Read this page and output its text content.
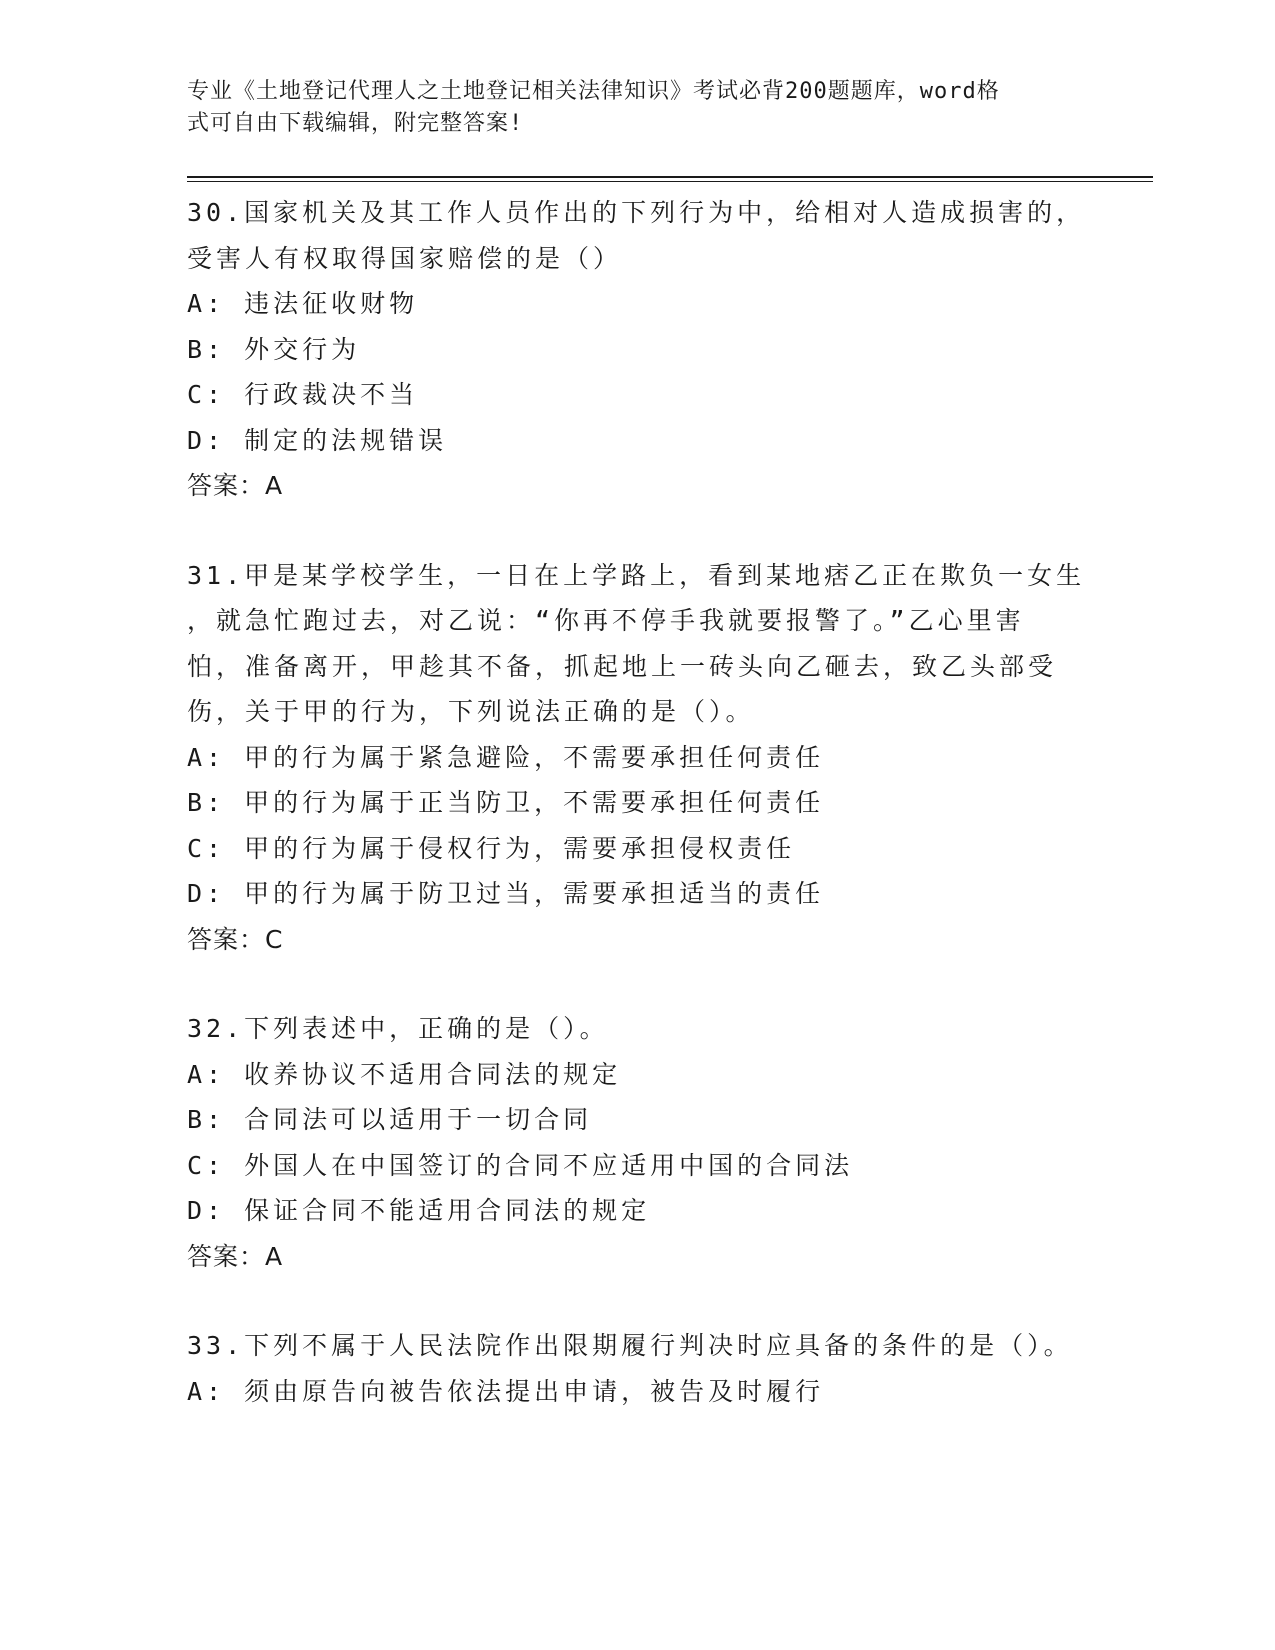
专业《土地登记代理人之土地登记相关法律知识》考试必背200题题库，word格
式可自由下载编辑，附完整答案!
30.国家机关及其工作人员作出的下列行为中，给相对人造成损害的，
受害人有权取得国家赔偿的是（）
A: 违法征收财物
B: 外交行为
C: 行政裁决不当
D: 制定的法规错误
答案：A
31.甲是某学校学生，一日在上学路上，看到某地痞乙正在欺负一女生
，就急忙跑过去，对乙说：“你再不停手我就要报警了。”乙心里害
怕，准备离开，甲趁其不备，抓起地上一砖头向乙砸去，致乙头部受
伤，关于甲的行为，下列说法正确的是（）。
A: 甲的行为属于紧急避险，不需要承担任何责任
B: 甲的行为属于正当防卫，不需要承担任何责任
C: 甲的行为属于侵权行为，需要承担侵权责任
D: 甲的行为属于防卫过当，需要承担适当的责任
答案：C
32.下列表述中，正确的是（）。
A: 收养协议不适用合同法的规定
B: 合同法可以适用于一切合同
C: 外国人在中国签订的合同不应适用中国的合同法
D: 保证合同不能适用合同法的规定
答案：A
33.下列不属于人民法院作出限期履行判决时应具备的条件的是（）。
A: 须由原告向被告依法提出申请，被告及时履行
